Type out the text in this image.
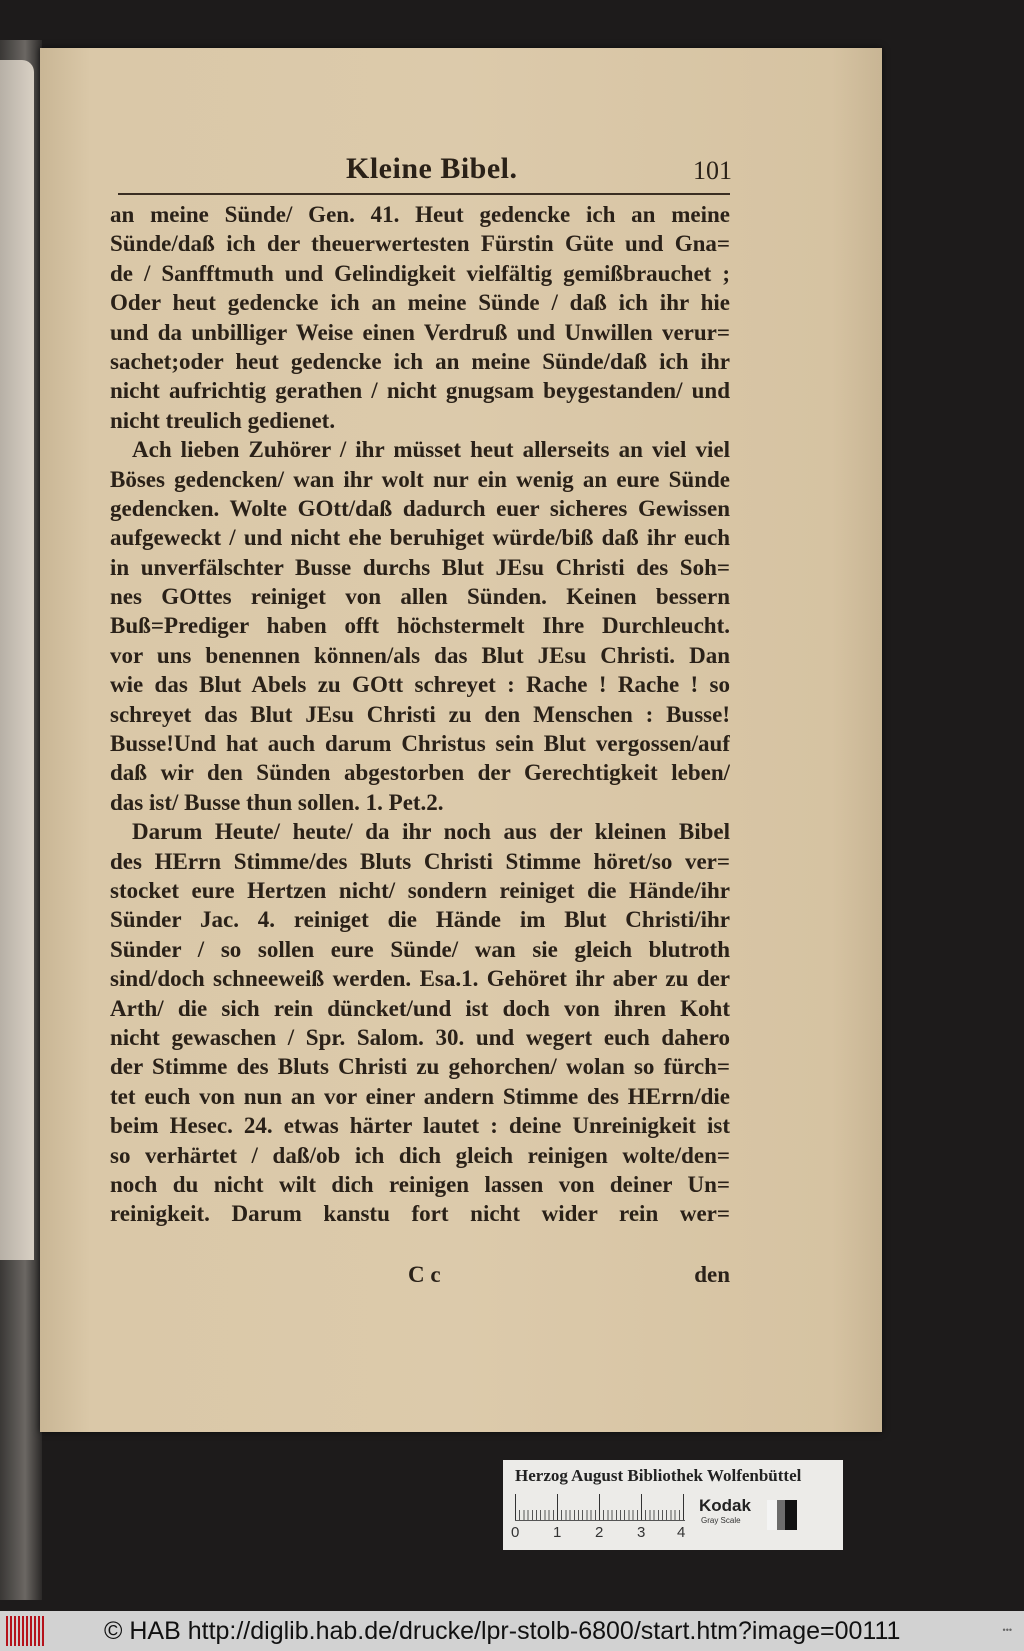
Kleine Bibel.	101
an meine Sünde/ Gen. 41. Heut gedencke ich an meine
Sünde/daß ich der theuerwertesten Fürstin Güte und Gna=
de / Sanfftmuth und Gelindigkeit vielfältig gemißbrauchet ;
Oder heut gedencke ich an meine Sünde / daß ich ihr hie
und da unbilliger Weise einen Verdruß und Unwillen verur=
sachet;oder heut gedencke ich an meine Sünde/daß ich ihr
nicht aufrichtig gerathen / nicht gnugsam beygestanden/ und
nicht treulich gedienet.
Ach lieben Zuhörer / ihr müsset heut allerseits an viel viel
Böses gedencken/ wan ihr wolt nur ein wenig an eure Sünde
gedencken. Wolte GOtt/daß dadurch euer sicheres Gewissen
aufgeweckt / und nicht ehe beruhiget würde/biß daß ihr euch
in unverfälschter Busse durchs Blut JEsu Christi des Soh=
nes GOttes reiniget von allen Sünden. Keinen bessern
Buß=Prediger haben offt höchstermelt Ihre Durchleucht.
vor uns benennen können/als das Blut JEsu Christi. Dan
wie das Blut Abels zu GOtt schreyet : Rache ! Rache ! so
schreyet das Blut JEsu Christi zu den Menschen : Busse!
Busse!Und hat auch darum Christus sein Blut vergossen/auf
daß wir den Sünden abgestorben der Gerechtigkeit leben/
das ist/ Busse thun sollen. 1. Pet.2.
Darum Heute/ heute/ da ihr noch aus der kleinen Bibel
des HErrn Stimme/des Bluts Christi Stimme höret/so ver=
stocket eure Hertzen nicht/ sondern reiniget die Hände/ihr
Sünder Jac. 4. reiniget die Hände im Blut Christi/ihr
Sünder / so sollen eure Sünde/ wan sie gleich blutroth
sind/doch schneeweiß werden. Esa.1. Gehöret ihr aber zu der
Arth/ die sich rein düncket/und ist doch von ihren Koht
nicht gewaschen / Spr. Salom. 30. und wegert euch dahero
der Stimme des Bluts Christi zu gehorchen/ wolan so fürch=
tet euch von nun an vor einer andern Stimme des HErrn/die
beim Hesec. 24. etwas härter lautet : deine Unreinigkeit ist
so verhärtet / daß/ob ich dich gleich reinigen wolte/den=
noch du nicht wilt dich reinigen lassen von deiner Un=
reinigkeit. Darum kanstu fort nicht wider rein wer=
C c	den
Herzog August Bibliothek Wolfenbüttel
0 1 2 3 4
Kodak
Gray Scale
© HAB http://diglib.hab.de/drucke/lpr-stolb-6800/start.htm?image=00111	•••
